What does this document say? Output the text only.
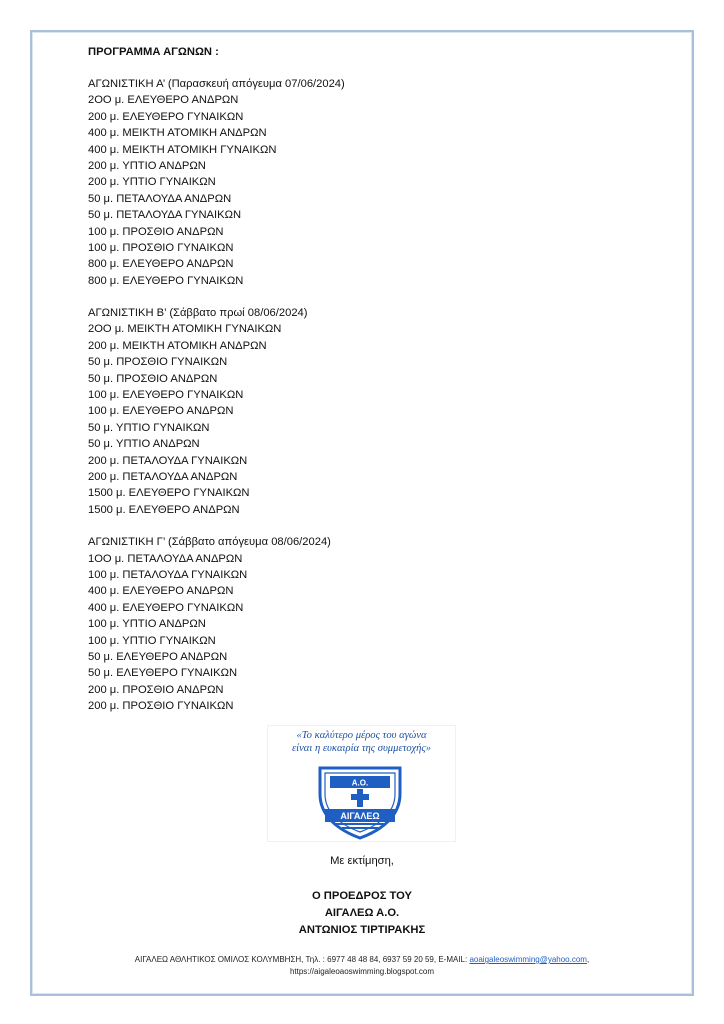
ΠΡΟΓΡΑΜΜΑ ΑΓΩΝΩΝ :
ΑΓΩΝΙΣΤΙΚΗ Α’ (Παρασκευή απόγευμα 07/06/2024)
2ΟΟ μ. ΕΛΕΥΘΕΡΟ ΑΝΔΡΩΝ
200 μ. ΕΛΕΥΘΕΡΟ ΓΥΝΑΙΚΩΝ
400 μ. ΜΕΙΚΤΗ ΑΤΟΜΙΚΗ ΑΝΔΡΩΝ
400 μ. ΜΕΙΚΤΗ ΑΤΟΜΙΚΗ ΓΥΝΑΙΚΩΝ
200 μ. ΥΠΤΙΟ ΑΝΔΡΩΝ
200 μ. ΥΠΤΙΟ ΓΥΝΑΙΚΩΝ
50 μ. ΠΕΤΑΛΟΥΔΑ ΑΝΔΡΩΝ
50 μ. ΠΕΤΑΛΟΥΔΑ ΓΥΝΑΙΚΩΝ
100 μ. ΠΡΟΣΘΙΟ ΑΝΔΡΩΝ
100 μ. ΠΡΟΣΘΙΟ ΓΥΝΑΙΚΩΝ
800 μ. ΕΛΕΥΘΕΡΟ ΑΝΔΡΩΝ
800 μ. ΕΛΕΥΘΕΡΟ ΓΥΝΑΙΚΩΝ
ΑΓΩΝΙΣΤΙΚΗ Β’ (Σάββατο πρωί 08/06/2024)
2ΟΟ μ. ΜΕΙΚΤΗ ΑΤΟΜΙΚΗ ΓΥΝΑΙΚΩΝ
200 μ. ΜΕΙΚΤΗ ΑΤΟΜΙΚΗ ΑΝΔΡΩΝ
50 μ. ΠΡΟΣΘΙΟ ΓΥΝΑΙΚΩΝ
50 μ. ΠΡΟΣΘΙΟ ΑΝΔΡΩΝ
100 μ. ΕΛΕΥΘΕΡΟ ΓΥΝΑΙΚΩΝ
100 μ. ΕΛΕΥΘΕΡΟ ΑΝΔΡΩΝ
50 μ. ΥΠΤΙΟ ΓΥΝΑΙΚΩΝ
50 μ. ΥΠΤΙΟ ΑΝΔΡΩΝ
200 μ. ΠΕΤΑΛΟΥΔΑ ΓΥΝΑΙΚΩΝ
200 μ. ΠΕΤΑΛΟΥΔΑ ΑΝΔΡΩΝ
1500 μ. ΕΛΕΥΘΕΡΟ ΓΥΝΑΙΚΩΝ
1500 μ. ΕΛΕΥΘΕΡΟ ΑΝΔΡΩΝ
ΑΓΩΝΙΣΤΙΚΗ Γ’ (Σάββατο απόγευμα 08/06/2024)
1ΟΟ μ. ΠΕΤΑΛΟΥΔΑ ΑΝΔΡΩΝ
100 μ. ΠΕΤΑΛΟΥΔΑ ΓΥΝΑΙΚΩΝ
400 μ. ΕΛΕΥΘΕΡΟ ΑΝΔΡΩΝ
400 μ. ΕΛΕΥΘΕΡΟ ΓΥΝΑΙΚΩΝ
100 μ. ΥΠΤΙΟ ΑΝΔΡΩΝ
100 μ. ΥΠΤΙΟ ΓΥΝΑΙΚΩΝ
50 μ. ΕΛΕΥΘΕΡΟ ΑΝΔΡΩΝ
50 μ. ΕΛΕΥΘΕΡΟ ΓΥΝΑΙΚΩΝ
200 μ. ΠΡΟΣΘΙΟ ΑΝΔΡΩΝ
200 μ. ΠΡΟΣΘΙΟ ΓΥΝΑΙΚΩΝ
«Το καλύτερο μέρος του αγώνα
είναι η ευκαιρία της συμμετοχής»
Α.Ο.
ΑΙΓΑΛΕΩ
Με εκτίμηση,
Ο ΠΡΟΕΔΡΟΣ ΤΟΥ
ΑΙΓΑΛΕΩ Α.Ο.
ΑΝΤΩΝΙΟΣ ΤΙΡΤΙΡΑΚΗΣ
ΑΙΓΑΛΕΩ ΑΘΛΗΤΙΚΟΣ ΟΜΙΛΟΣ ΚΟΛΥΜΒΗΣΗ, Τηλ. : 6977 48 48 84, 6937 59 20 59, E-MAIL: aoaigaleoswimming@yahoo.com,
https://aigaleoaoswimming.blogspot.com
